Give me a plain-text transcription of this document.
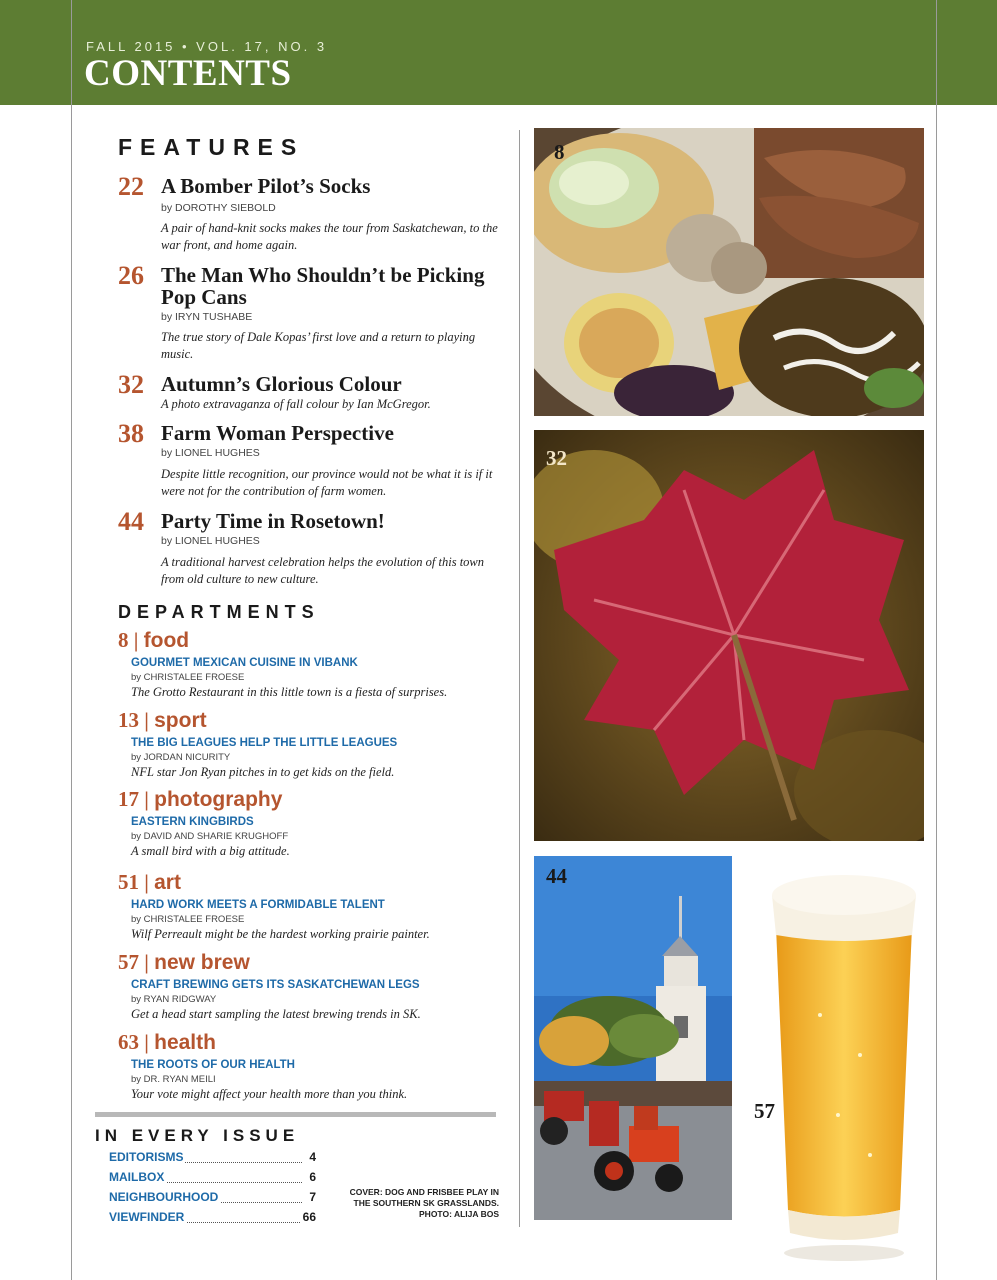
FALL 2015 • VOL. 17, NO. 3
CONTENTS
FEATURES
22 A Bomber Pilot’s Socks
by DOROTHY SIEBOLD
A pair of hand-knit socks makes the tour from Saskatchewan, to the war front, and home again.
26 The Man Who Shouldn’t be Picking Pop Cans
by IRYN TUSHABE
The true story of Dale Kopas’ first love and a return to playing music.
32 Autumn’s Glorious Colour
A photo extravaganza of fall colour by Ian McGregor.
38 Farm Woman Perspective
by LIONEL HUGHES
Despite little recognition, our province would not be what it is if it were not for the contribution of farm women.
44 Party Time in Rosetown!
by LIONEL HUGHES
A traditional harvest celebration helps the evolution of this town from old culture to new culture.
DEPARTMENTS
8 | food
GOURMET MEXICAN CUISINE IN VIBANK
by CHRISTALEE FROESE
The Grotto Restaurant in this little town is a fiesta of surprises.
13 | sport
THE BIG LEAGUES HELP THE LITTLE LEAGUES
by JORDAN NICURITY
NFL star Jon Ryan pitches in to get kids on the field.
17 | photography
EASTERN KINGBIRDS
by DAVID AND SHARIE KRUGHOFF
A small bird with a big attitude.
51 | art
HARD WORK MEETS A FORMIDABLE TALENT
by CHRISTALEE FROESE
Wilf Perreault might be the hardest working prairie painter.
57 | new brew
CRAFT BREWING GETS ITS SASKATCHEWAN LEGS
by RYAN RIDGWAY
Get a head start sampling the latest brewing trends in SK.
63 | health
THE ROOTS OF OUR HEALTH
by DR. RYAN MEILI
Your vote might affect your health more than you think.
IN EVERY ISSUE
EDITORISMS	4
MAILBOX	6
NEIGHBOURHOOD	7
VIEWFINDER	66
COVER: DOG AND FRISBEE PLAY IN
THE SOUTHERN SK GRASSLANDS.
PHOTO: ALIJA BOS
8
32
44
57
